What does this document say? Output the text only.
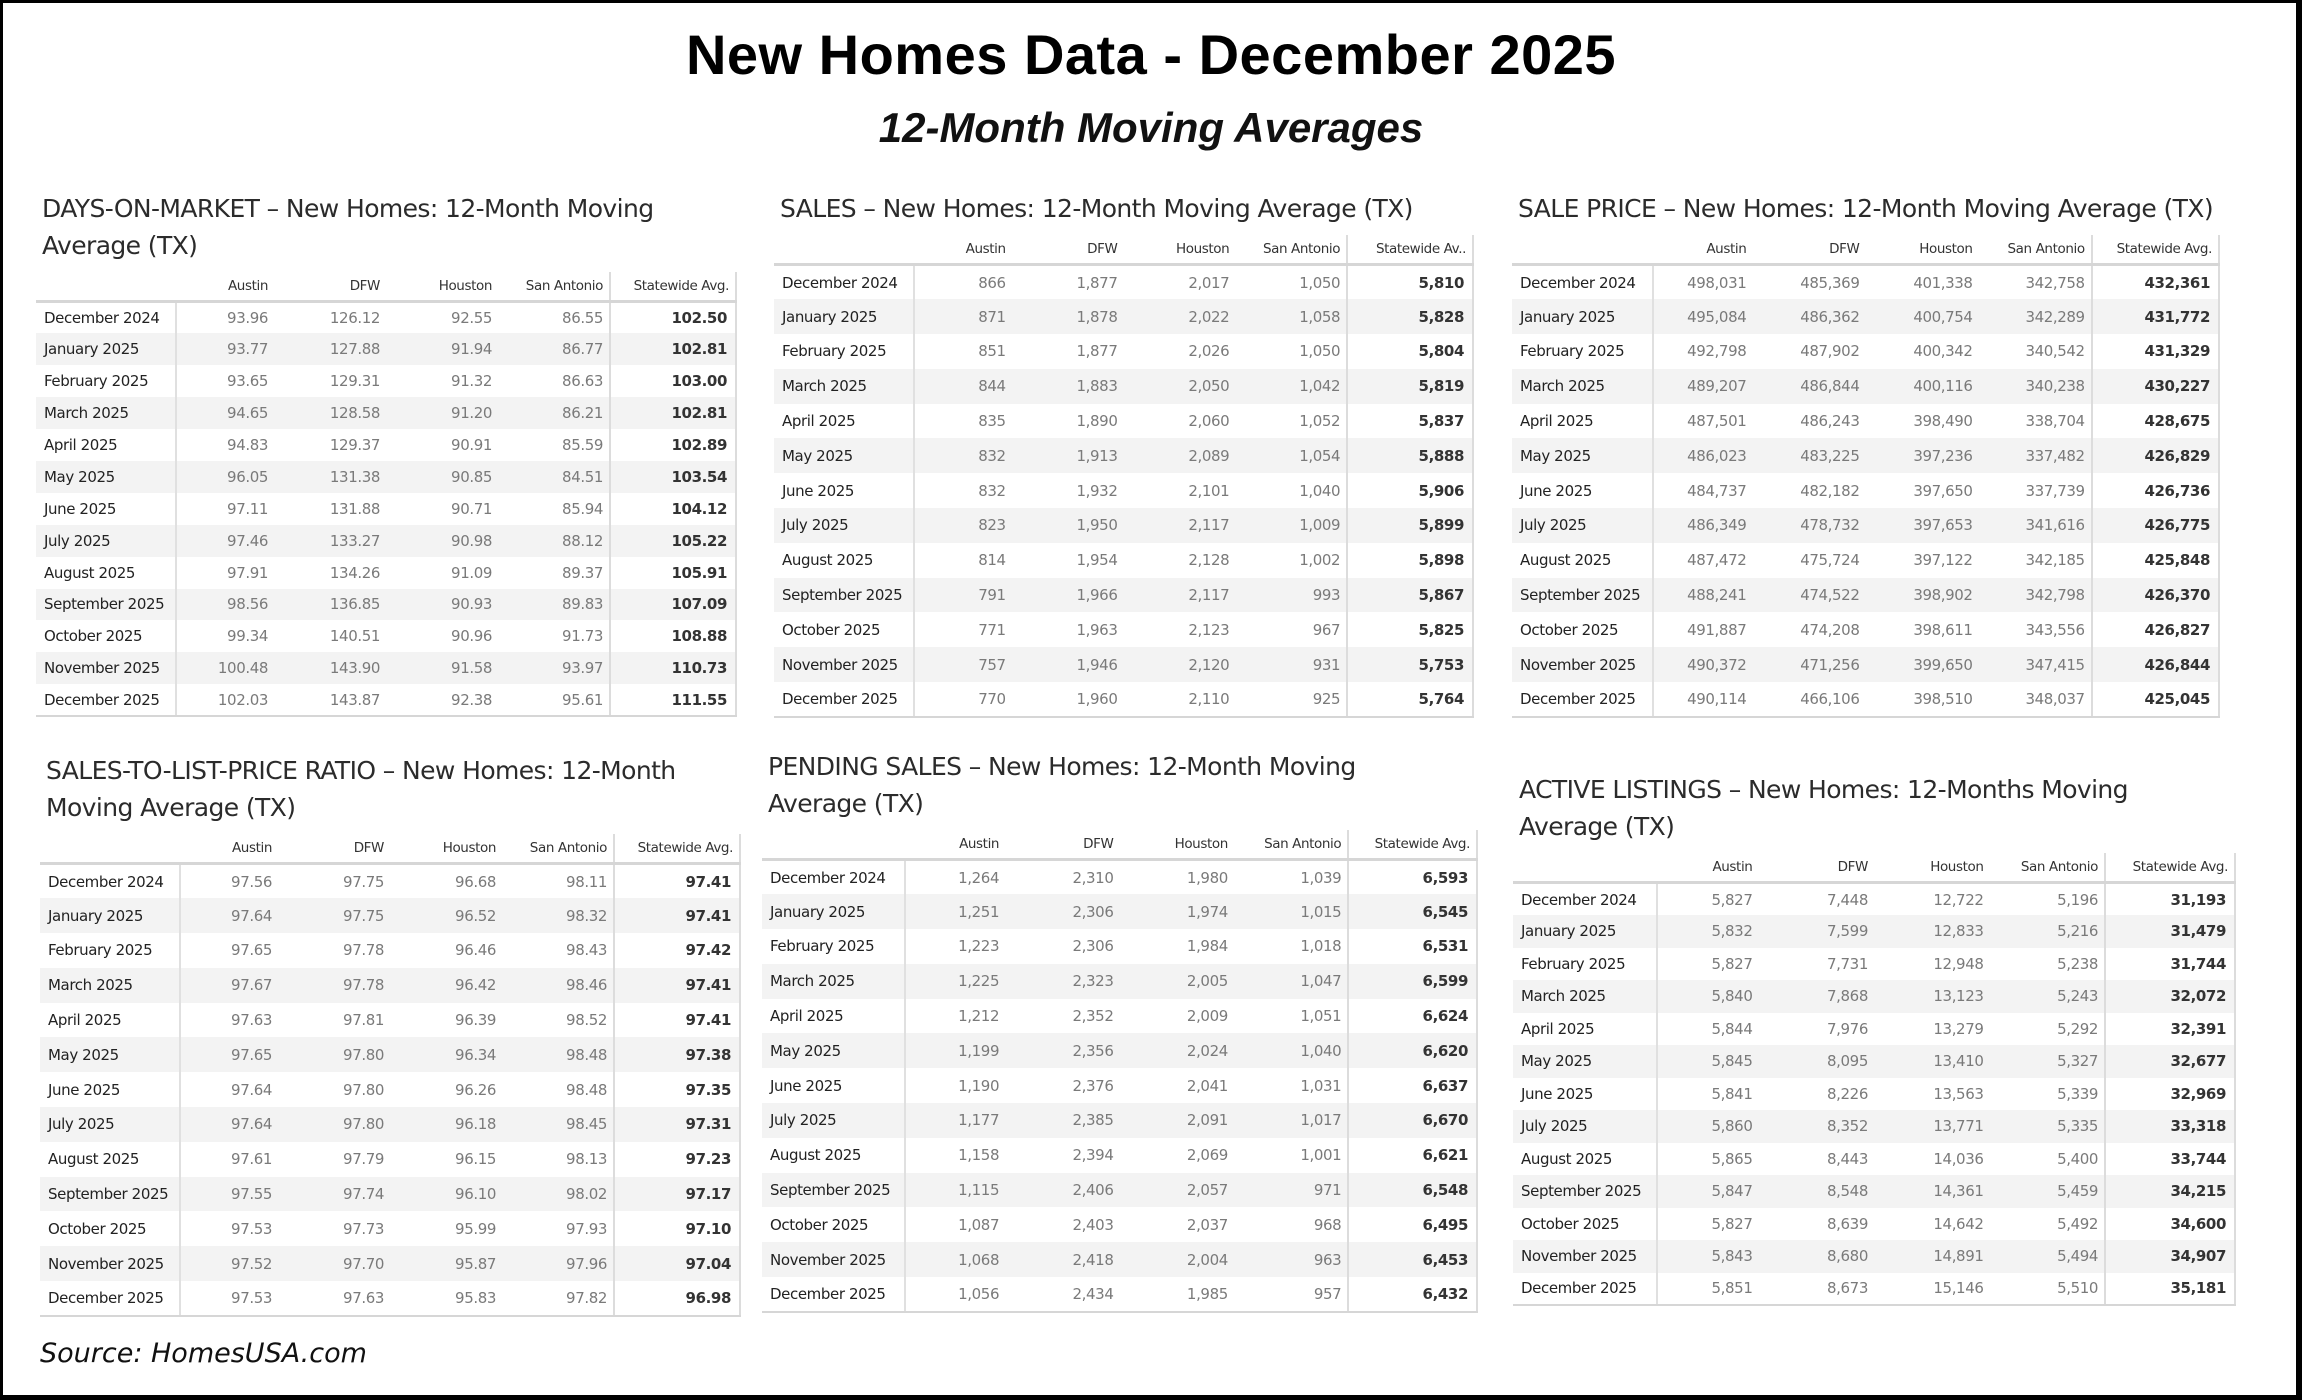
New Homes Data - December 2025
12-Month Moving Averages
DAYS-ON-MARKET – New Homes: 12-Month Moving Average (TX)
	Austin	DFW	Houston	San Antonio	Statewide Avg.
December 2024	93.96	126.12	92.55	86.55	102.50
January 2025	93.77	127.88	91.94	86.77	102.81
February 2025	93.65	129.31	91.32	86.63	103.00
March 2025	94.65	128.58	91.20	86.21	102.81
April 2025	94.83	129.37	90.91	85.59	102.89
May 2025	96.05	131.38	90.85	84.51	103.54
June 2025	97.11	131.88	90.71	85.94	104.12
July 2025	97.46	133.27	90.98	88.12	105.22
August 2025	97.91	134.26	91.09	89.37	105.91
September 2025	98.56	136.85	90.93	89.83	107.09
October 2025	99.34	140.51	90.96	91.73	108.88
November 2025	100.48	143.90	91.58	93.97	110.73
December 2025	102.03	143.87	92.38	95.61	111.55
SALES – New Homes: 12-Month Moving Average (TX)
	Austin	DFW	Houston	San Antonio	Statewide Av..
December 2024	866	1,877	2,017	1,050	5,810
January 2025	871	1,878	2,022	1,058	5,828
February 2025	851	1,877	2,026	1,050	5,804
March 2025	844	1,883	2,050	1,042	5,819
April 2025	835	1,890	2,060	1,052	5,837
May 2025	832	1,913	2,089	1,054	5,888
June 2025	832	1,932	2,101	1,040	5,906
July 2025	823	1,950	2,117	1,009	5,899
August 2025	814	1,954	2,128	1,002	5,898
September 2025	791	1,966	2,117	993	5,867
October 2025	771	1,963	2,123	967	5,825
November 2025	757	1,946	2,120	931	5,753
December 2025	770	1,960	2,110	925	5,764
SALE PRICE – New Homes: 12-Month Moving Average (TX)
	Austin	DFW	Houston	San Antonio	Statewide Avg.
December 2024	498,031	485,369	401,338	342,758	432,361
January 2025	495,084	486,362	400,754	342,289	431,772
February 2025	492,798	487,902	400,342	340,542	431,329
March 2025	489,207	486,844	400,116	340,238	430,227
April 2025	487,501	486,243	398,490	338,704	428,675
May 2025	486,023	483,225	397,236	337,482	426,829
June 2025	484,737	482,182	397,650	337,739	426,736
July 2025	486,349	478,732	397,653	341,616	426,775
August 2025	487,472	475,724	397,122	342,185	425,848
September 2025	488,241	474,522	398,902	342,798	426,370
October 2025	491,887	474,208	398,611	343,556	426,827
November 2025	490,372	471,256	399,650	347,415	426,844
December 2025	490,114	466,106	398,510	348,037	425,045
SALES-TO-LIST-PRICE RATIO – New Homes: 12-Month Moving Average (TX)
	Austin	DFW	Houston	San Antonio	Statewide Avg.
December 2024	97.56	97.75	96.68	98.11	97.41
January 2025	97.64	97.75	96.52	98.32	97.41
February 2025	97.65	97.78	96.46	98.43	97.42
March 2025	97.67	97.78	96.42	98.46	97.41
April 2025	97.63	97.81	96.39	98.52	97.41
May 2025	97.65	97.80	96.34	98.48	97.38
June 2025	97.64	97.80	96.26	98.48	97.35
July 2025	97.64	97.80	96.18	98.45	97.31
August 2025	97.61	97.79	96.15	98.13	97.23
September 2025	97.55	97.74	96.10	98.02	97.17
October 2025	97.53	97.73	95.99	97.93	97.10
November 2025	97.52	97.70	95.87	97.96	97.04
December 2025	97.53	97.63	95.83	97.82	96.98
PENDING SALES – New Homes: 12-Month Moving Average (TX)
	Austin	DFW	Houston	San Antonio	Statewide Avg.
December 2024	1,264	2,310	1,980	1,039	6,593
January 2025	1,251	2,306	1,974	1,015	6,545
February 2025	1,223	2,306	1,984	1,018	6,531
March 2025	1,225	2,323	2,005	1,047	6,599
April 2025	1,212	2,352	2,009	1,051	6,624
May 2025	1,199	2,356	2,024	1,040	6,620
June 2025	1,190	2,376	2,041	1,031	6,637
July 2025	1,177	2,385	2,091	1,017	6,670
August 2025	1,158	2,394	2,069	1,001	6,621
September 2025	1,115	2,406	2,057	971	6,548
October 2025	1,087	2,403	2,037	968	6,495
November 2025	1,068	2,418	2,004	963	6,453
December 2025	1,056	2,434	1,985	957	6,432
ACTIVE LISTINGS – New Homes: 12-Months Moving Average (TX)
	Austin	DFW	Houston	San Antonio	Statewide Avg.
December 2024	5,827	7,448	12,722	5,196	31,193
January 2025	5,832	7,599	12,833	5,216	31,479
February 2025	5,827	7,731	12,948	5,238	31,744
March 2025	5,840	7,868	13,123	5,243	32,072
April 2025	5,844	7,976	13,279	5,292	32,391
May 2025	5,845	8,095	13,410	5,327	32,677
June 2025	5,841	8,226	13,563	5,339	32,969
July 2025	5,860	8,352	13,771	5,335	33,318
August 2025	5,865	8,443	14,036	5,400	33,744
September 2025	5,847	8,548	14,361	5,459	34,215
October 2025	5,827	8,639	14,642	5,492	34,600
November 2025	5,843	8,680	14,891	5,494	34,907
December 2025	5,851	8,673	15,146	5,510	35,181
Source: HomesUSA.com
